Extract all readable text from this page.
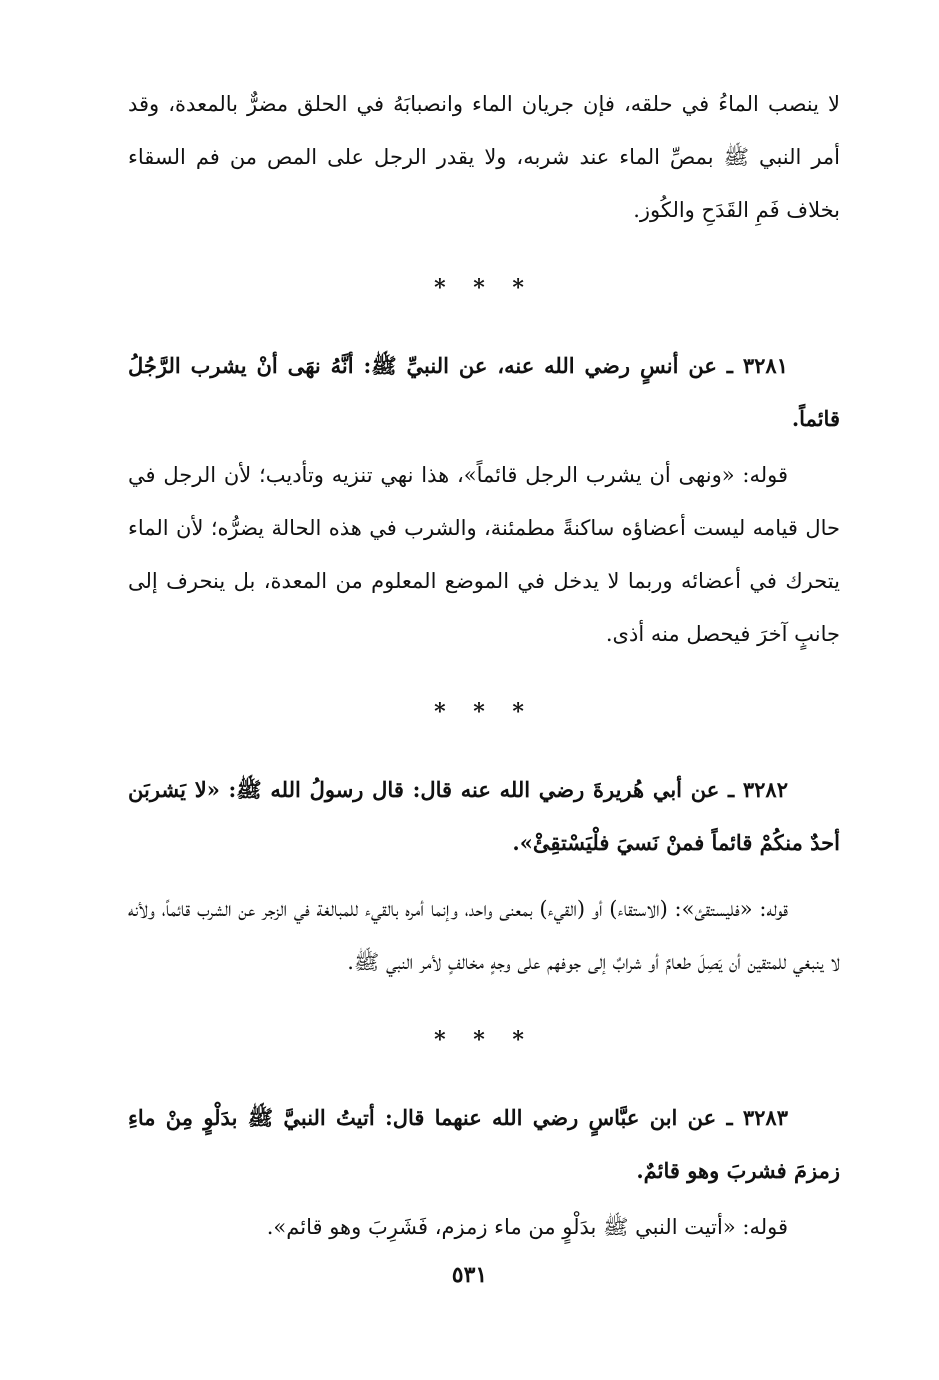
لا ينصب الماءُ في حلقه، فإن جريان الماء وانصبابَهُ في الحلق مضرٌّ بالمعدة، وقد أمر النبي ﷺ بمصِّ الماء عند شربه، ولا يقدر الرجل على المص من فم السقاء بخلاف فَمِ القَدَحِ والكُوز.

* * *

٣٢٨١ ـ عن أنسٍ رضي الله عنه، عن النبيِّ ﷺ: أنَّهُ نهَى أنْ يشرب الرَّجُلُ قائماً.

قوله: «ونهى أن يشرب الرجل قائماً»، هذا نهي تنزيه وتأديب؛ لأن الرجل في حال قيامه ليست أعضاؤه ساكنةً مطمئنة، والشرب في هذه الحالة يضرُّه؛ لأن الماء يتحرك في أعضائه وربما لا يدخل في الموضع المعلوم من المعدة، بل ينحرف إلى جانبٍ آخرَ فيحصل منه أذى.

* * *

٣٢٨٢ ـ عن أبي هُريرةَ رضي الله عنه قال: قال رسولُ الله ﷺ: «لا يَشربَن أحدٌ منكُمْ قائماً فمنْ نَسيَ فلْيَسْتقِئْ».

قوله: «فليستقئ»: (الاستقاء) أو (القيء) بمعنى واحد، وإنما أمره بالقيء للمبالغة في الزجر عن الشرب قائماً، ولأنه لا ينبغي للمتقين أن يَصِلَ طعامٌ أو شرابٌ إلى جوفهم على وجهٍ مخالفٍ لأمر النبي ﷺ.

* * *

٣٢٨٣ ـ عن ابن عبَّاسٍ رضي الله عنهما قال: أتيتُ النبيَّ ﷺ بدَلْوٍ مِنْ ماءِ زمزمَ فشربَ وهو قائمٌ.

قوله: «أتيت النبي ﷺ بدَلْوٍ من ماء زمزم، فَشَرِبَ وهو قائم».

٥٣١
